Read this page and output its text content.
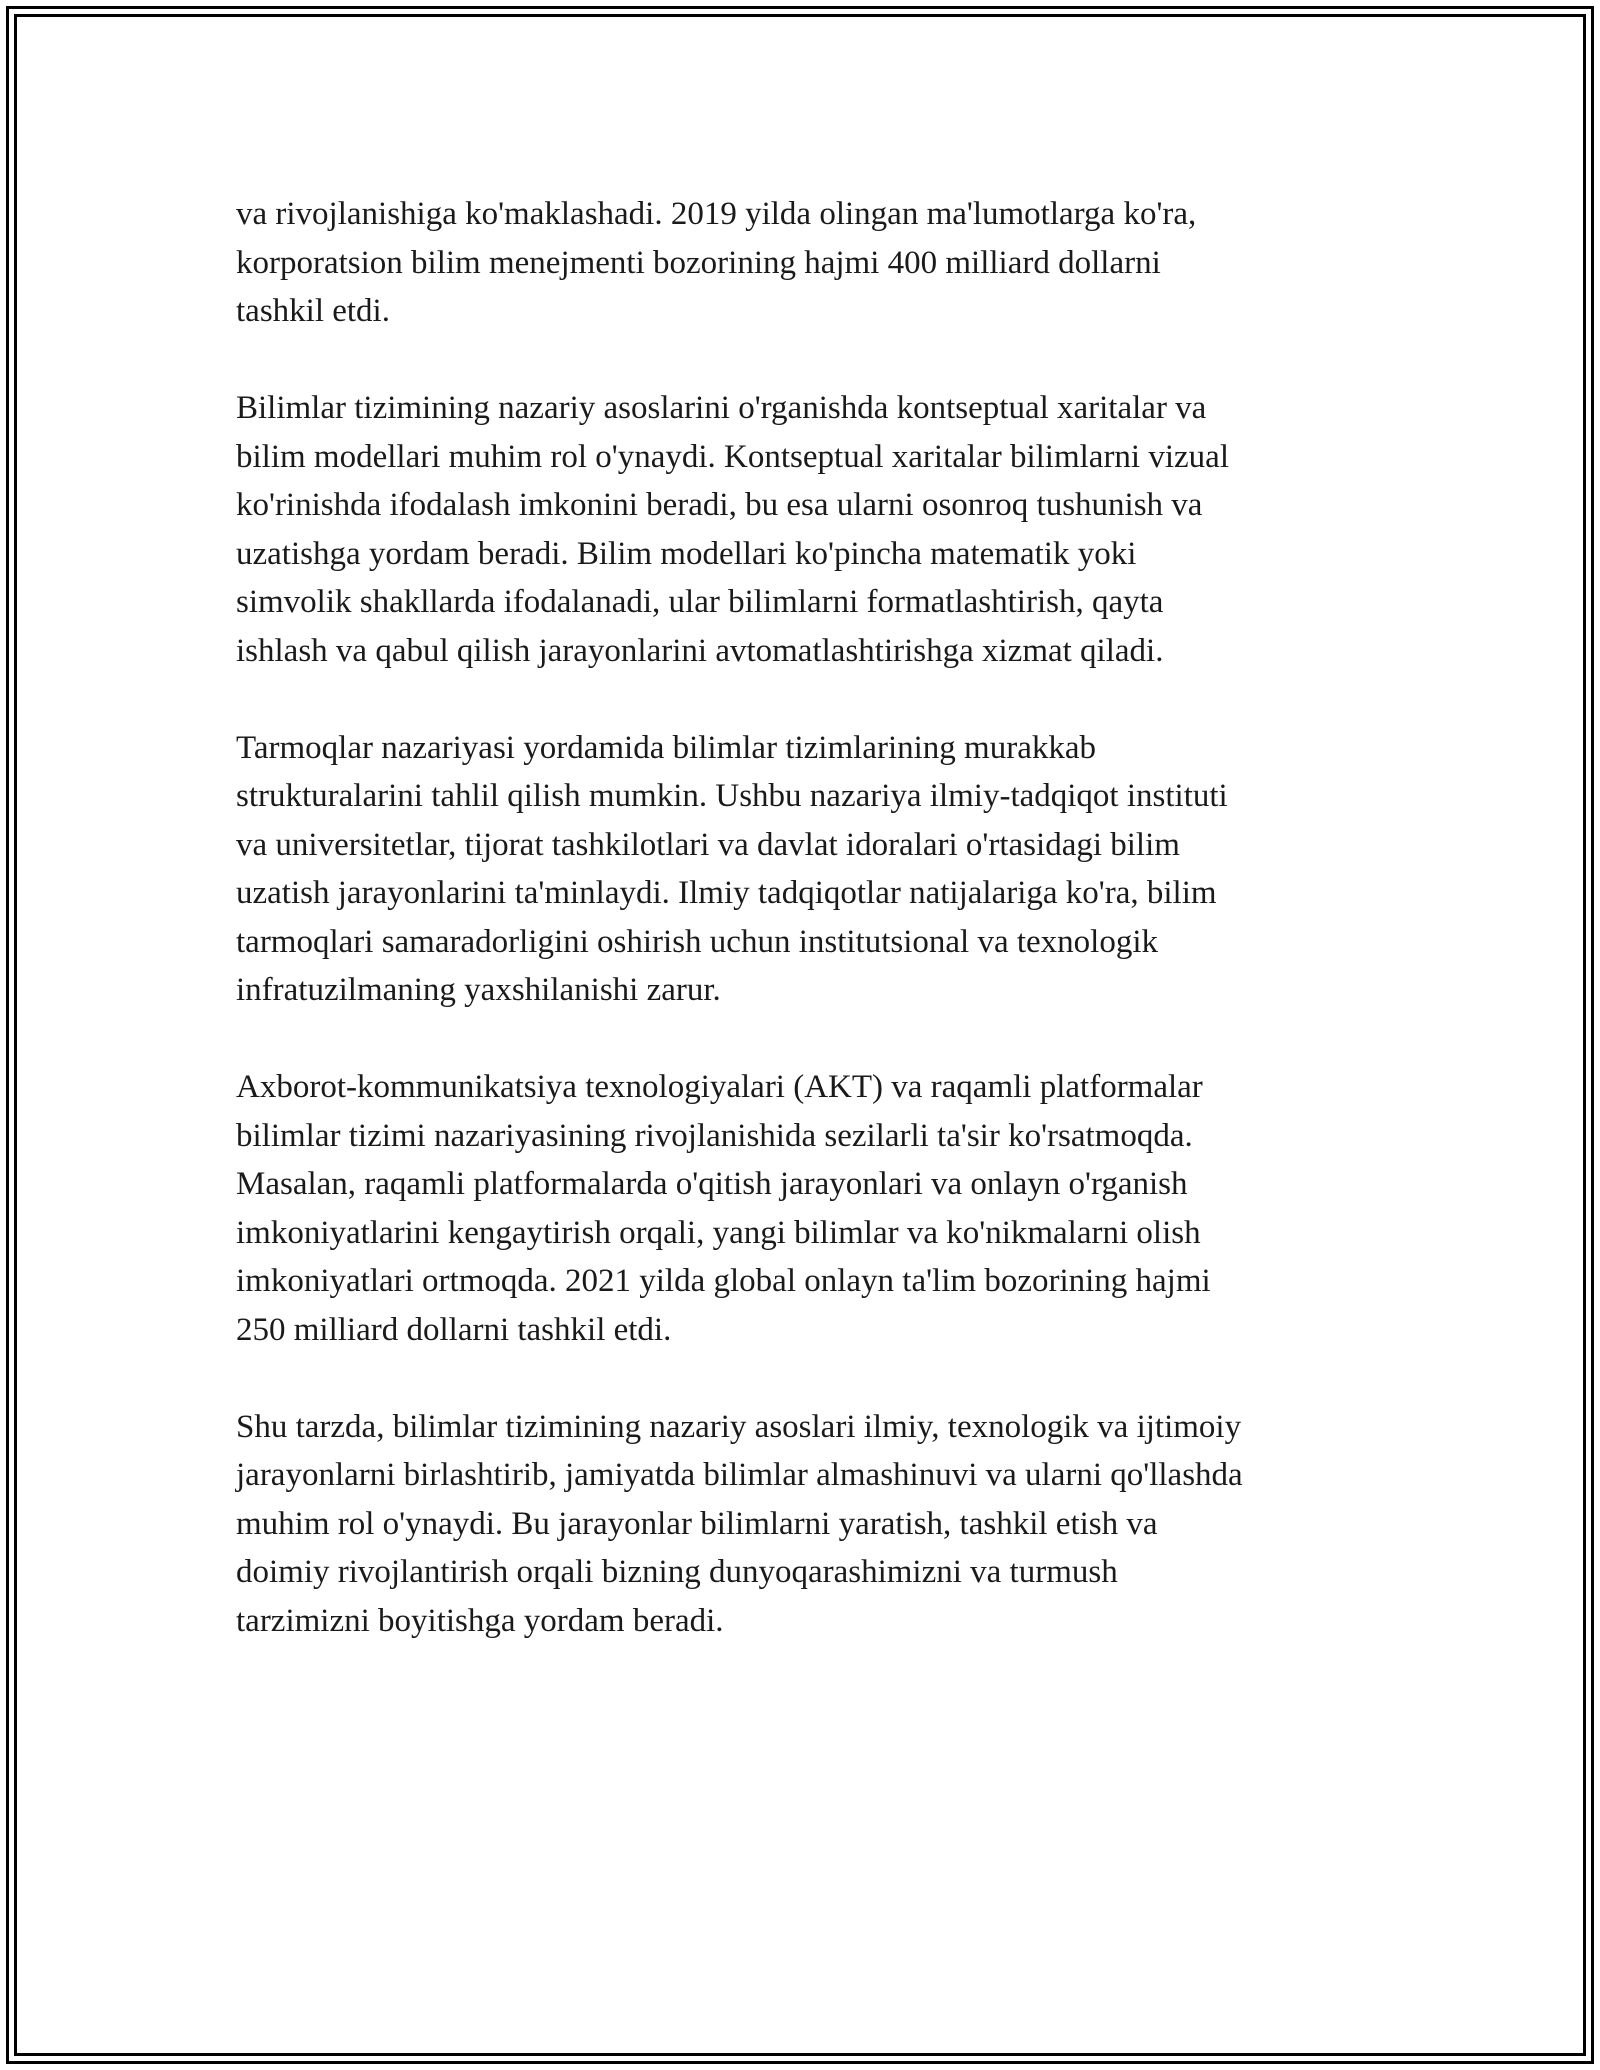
va rivojlanishiga ko'maklashadi. 2019 yilda olingan ma'lumotlarga ko'ra,
korporatsion bilim menejmenti bozorining hajmi 400 milliard dollarni
tashkil etdi.

Bilimlar tizimining nazariy asoslarini o'rganishda kontseptual xaritalar va
bilim modellari muhim rol o'ynaydi. Kontseptual xaritalar bilimlarni vizual
ko'rinishda ifodalash imkonini beradi, bu esa ularni osonroq tushunish va
uzatishga yordam beradi. Bilim modellari ko'pincha matematik yoki
simvolik shakllarda ifodalanadi, ular bilimlarni formatlashtirish, qayta
ishlash va qabul qilish jarayonlarini avtomatlashtirishga xizmat qiladi.

Tarmoqlar nazariyasi yordamida bilimlar tizimlarining murakkab
strukturalarini tahlil qilish mumkin. Ushbu nazariya ilmiy-tadqiqot instituti
va universitetlar, tijorat tashkilotlari va davlat idoralari o'rtasidagi bilim
uzatish jarayonlarini ta'minlaydi. Ilmiy tadqiqotlar natijalariga ko'ra, bilim
tarmoqlari samaradorligini oshirish uchun institutsional va texnologik
infratuzilmaning yaxshilanishi zarur.

Axborot-kommunikatsiya texnologiyalari (AKT) va raqamli platformalar
bilimlar tizimi nazariyasining rivojlanishida sezilarli ta'sir ko'rsatmoqda.
Masalan, raqamli platformalarda o'qitish jarayonlari va onlayn o'rganish
imkoniyatlarini kengaytirish orqali, yangi bilimlar va ko'nikmalarni olish
imkoniyatlari ortmoqda. 2021 yilda global onlayn ta'lim bozorining hajmi
250 milliard dollarni tashkil etdi.

Shu tarzda, bilimlar tizimining nazariy asoslari ilmiy, texnologik va ijtimoiy
jarayonlarni birlashtirib, jamiyatda bilimlar almashinuvi va ularni qo'llashda
muhim rol o'ynaydi. Bu jarayonlar bilimlarni yaratish, tashkil etish va
doimiy rivojlantirish orqali bizning dunyoqarashimizni va turmush
tarzimizni boyitishga yordam beradi.
